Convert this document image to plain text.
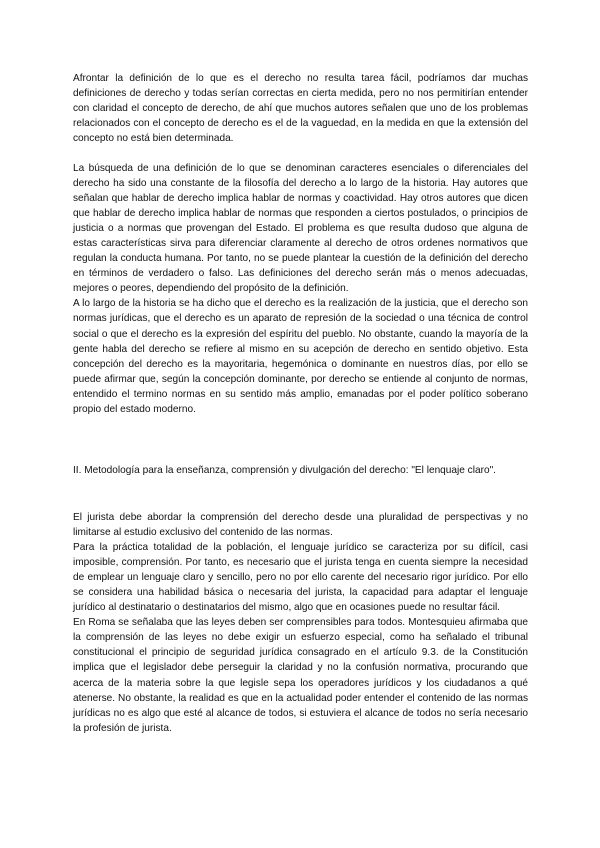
Afrontar la definición de lo que es el derecho no resulta tarea fácil, podríamos dar muchas definiciones de derecho y todas serían correctas en cierta medida, pero no nos permitirían entender con claridad el concepto de derecho, de ahí que muchos autores señalen que uno de los problemas relacionados con el concepto de derecho es el de la vaguedad, en la medida en que la extensión del concepto no está bien determinada.

La búsqueda de una definición de lo que se denominan caracteres esenciales o diferenciales del derecho ha sido una constante de la filosofía del derecho a lo largo de la historia. Hay autores que señalan que hablar de derecho implica hablar de normas y coactividad. Hay otros autores que dicen que hablar de derecho implica hablar de normas que responden a ciertos postulados, o principios de justicia o a normas que provengan del Estado. El problema es que resulta dudoso que alguna de estas características sirva para diferenciar claramente al derecho de otros ordenes normativos que regulan la conducta humana. Por tanto, no se puede plantear la cuestión de la definición del derecho en términos de verdadero o falso. Las definiciones del derecho serán más o menos adecuadas, mejores o peores, dependiendo del propósito de la definición.

A lo largo de la historia se ha dicho que el derecho es la realización de la justicia, que el derecho son normas jurídicas, que el derecho es un aparato de represión de la sociedad o una técnica de control social o que el derecho es la expresión del espíritu del pueblo. No obstante, cuando la mayoría de la gente habla del derecho se refiere al mismo en su acepción de derecho en sentido objetivo. Esta concepción del derecho es la mayoritaria, hegemónica o dominante en nuestros días, por ello se puede afirmar que, según la concepción dominante, por derecho se entiende al conjunto de normas, entendido el termino normas en su sentido más amplio, emanadas por el poder político soberano propio del estado moderno.

II. Metodología para la enseñanza, comprensión y divulgación del derecho: "El lenquaje claro".

El jurista debe abordar la comprensión del derecho desde una pluralidad de perspectivas y no limitarse al estudio exclusivo del contenido de las normas.

Para la práctica totalidad de la población, el lenguaje jurídico se caracteriza por su difícil, casi imposible, comprensión. Por tanto, es necesario que el jurista tenga en cuenta siempre la necesidad de emplear un lenguaje claro y sencillo, pero no por ello carente del necesario rigor jurídico. Por ello se considera una habilidad básica o necesaria del jurista, la capacidad para adaptar el lenguaje jurídico al destinatario o destinatarios del mismo, algo que en ocasiones puede no resultar fácil.

En Roma se señalaba que las leyes deben ser comprensibles para todos. Montesquieu afirmaba que la comprensión de las leyes no debe exigir un esfuerzo especial, como ha señalado el tribunal constitucional el principio de seguridad jurídica consagrado en el artículo 9.3. de la Constitución implica que el legislador debe perseguir la claridad y no la confusión normativa, procurando que acerca de la materia sobre la que legisle sepa los operadores jurídicos y los ciudadanos a qué atenerse. No obstante, la realidad es que en la actualidad poder entender el contenido de las normas jurídicas no es algo que esté al alcance de todos, si estuviera el alcance de todos no sería necesario la profesión de jurista.
